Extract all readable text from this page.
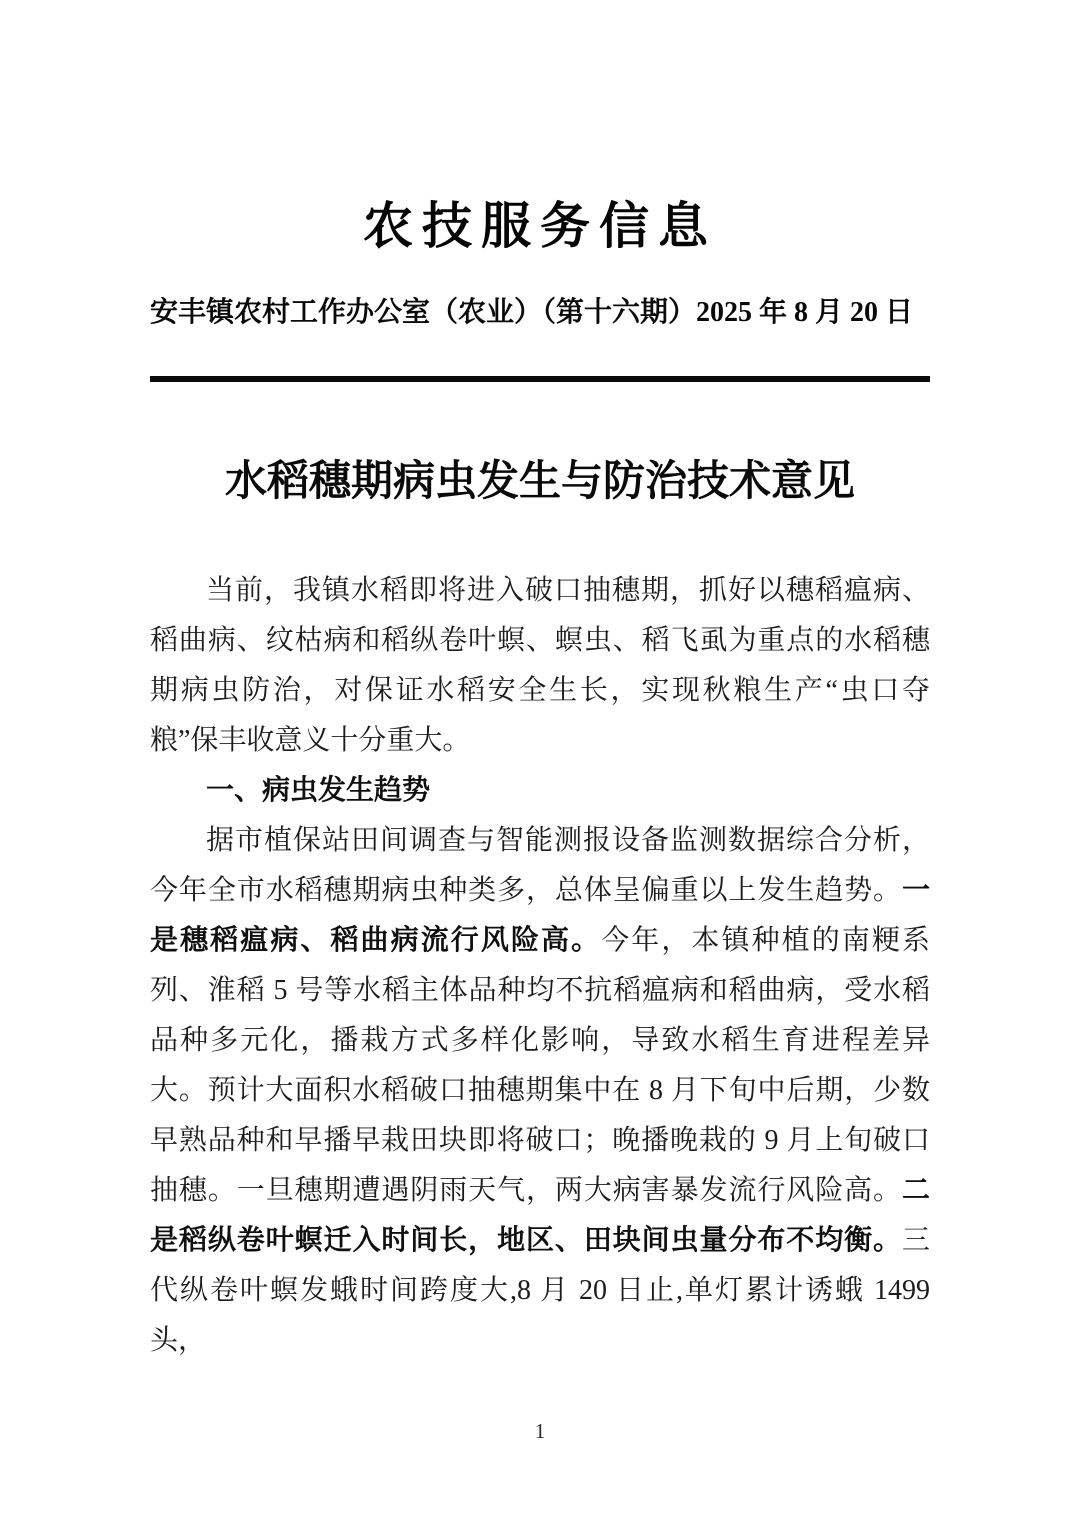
农技服务信息
安丰镇农村工作办公室（农业）（第十六期） 2025 年 8 月 20 日
水稻穗期病虫发生与防治技术意见
当前，我镇水稻即将进入破口抽穗期，抓好以穗稻瘟病、稻曲病、纹枯病和稻纵卷叶螟、螟虫、稻飞虱为重点的水稻穗期病虫防治，对保证水稻安全生长，实现秋粮生产“虫口夺粮”保丰收意义十分重大。
一、病虫发生趋势
据市植保站田间调查与智能测报设备监测数据综合分析，今年全市水稻穗期病虫种类多，总体呈偏重以上发生趋势。一是穗稻瘟病、稻曲病流行风险高。今年，本镇种植的南粳系列、淮稻 5 号等水稻主体品种均不抗稻瘟病和稻曲病，受水稻品种多元化，播栽方式多样化影响，导致水稻生育进程差异大。预计大面积水稻破口抽穗期集中在 8 月下旬中后期，少数早熟品种和早播早栽田块即将破口；晚播晚栽的 9 月上旬破口抽穗。一旦穗期遭遇阴雨天气，两大病害暴发流行风险高。二是稻纵卷叶螟迁入时间长，地区、田块间虫量分布不均衡。三代纵卷叶螟发蛾时间跨度大,8 月 20 日止,单灯累计诱蛾 1499 头，
1
